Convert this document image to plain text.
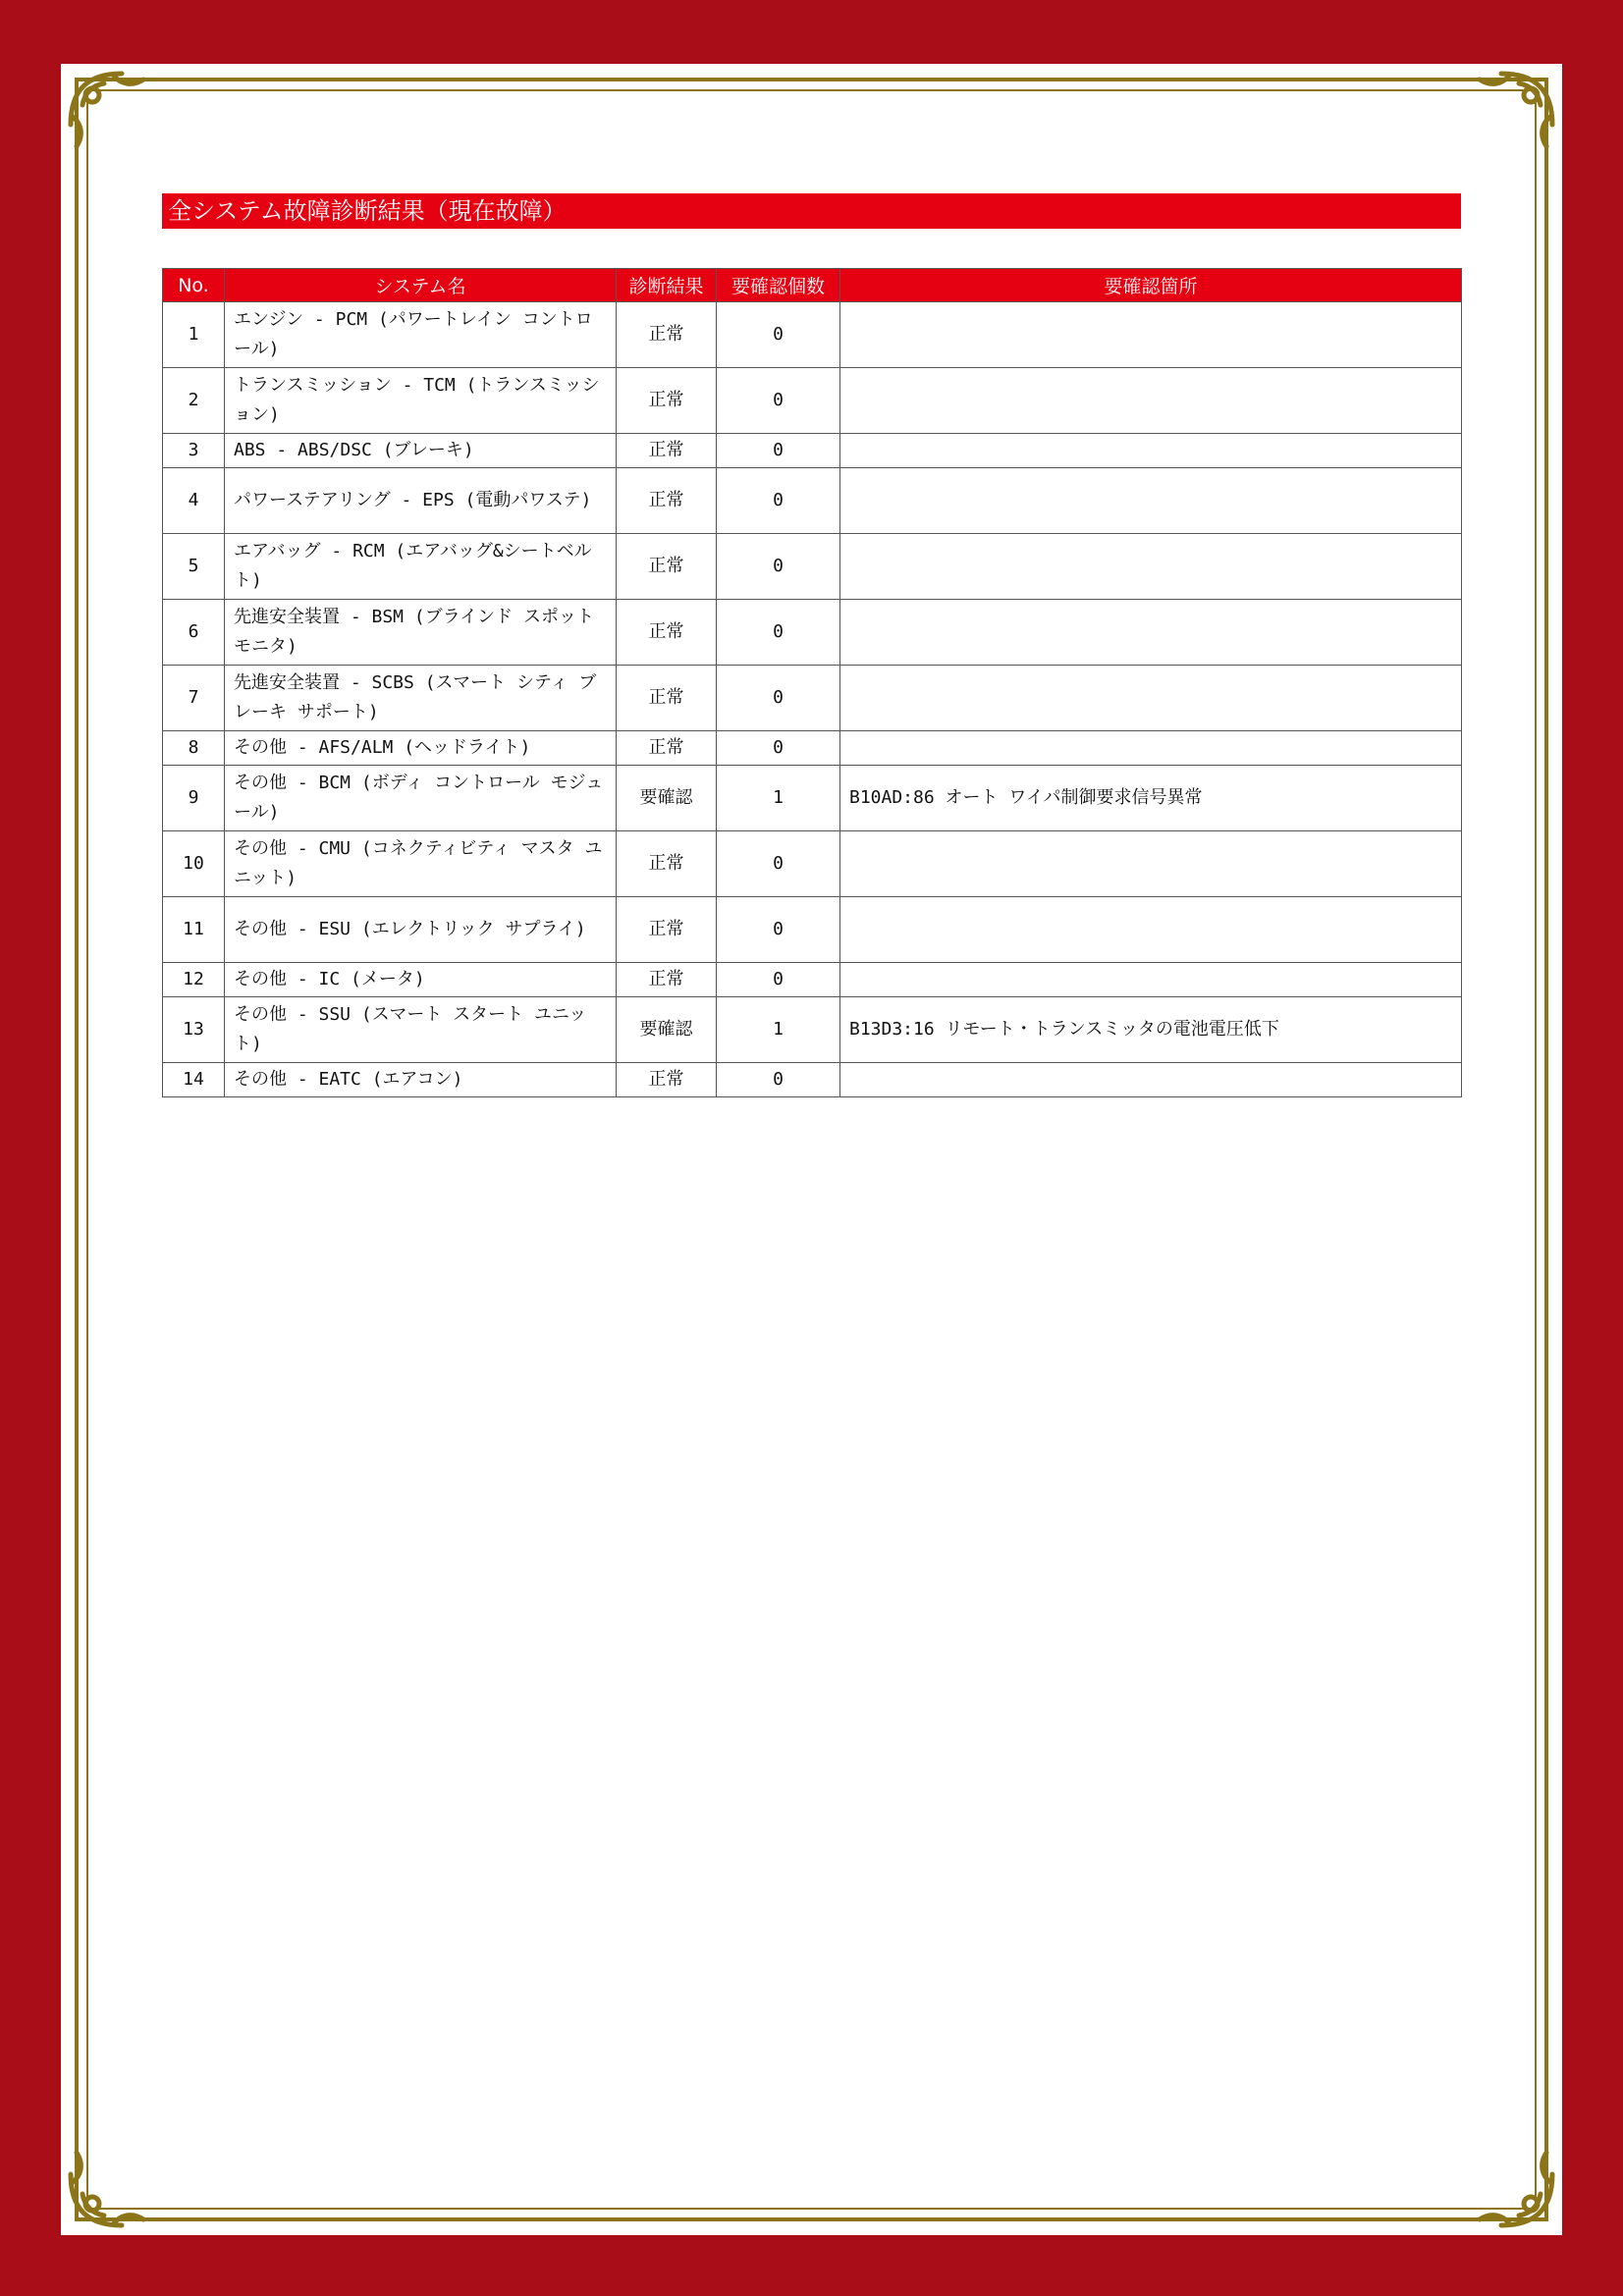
全システム故障診断結果（現在故障）
No.	システム名	診断結果	要確認個数	要確認箇所
1	エンジン - PCM (パワートレイン コントロール)	正常	0	
2	トランスミッション - TCM (トランスミッション)	正常	0	
3	ABS - ABS/DSC (ブレーキ)	正常	0	
4	パワーステアリング - EPS (電動パワステ)	正常	0	
5	エアバッグ - RCM (エアバッグ&シートベルト)	正常	0	
6	先進安全装置 - BSM (ブラインド スポット モニタ)	正常	0	
7	先進安全装置 - SCBS (スマート シティ ブレーキ サポート)	正常	0	
8	その他 - AFS/ALM (ヘッドライト)	正常	0	
9	その他 - BCM (ボディ コントロール モジュール)	要確認	1	B10AD:86 オート ワイパ制御要求信号異常
10	その他 - CMU (コネクティビティ マスタ ユニット)	正常	0	
11	その他 - ESU (エレクトリック サプライ)	正常	0	
12	その他 - IC (メータ)	正常	0	
13	その他 - SSU (スマート スタート ユニット)	要確認	1	B13D3:16 リモート・トランスミッタの電池電圧低下
14	その他 - EATC (エアコン)	正常	0	
